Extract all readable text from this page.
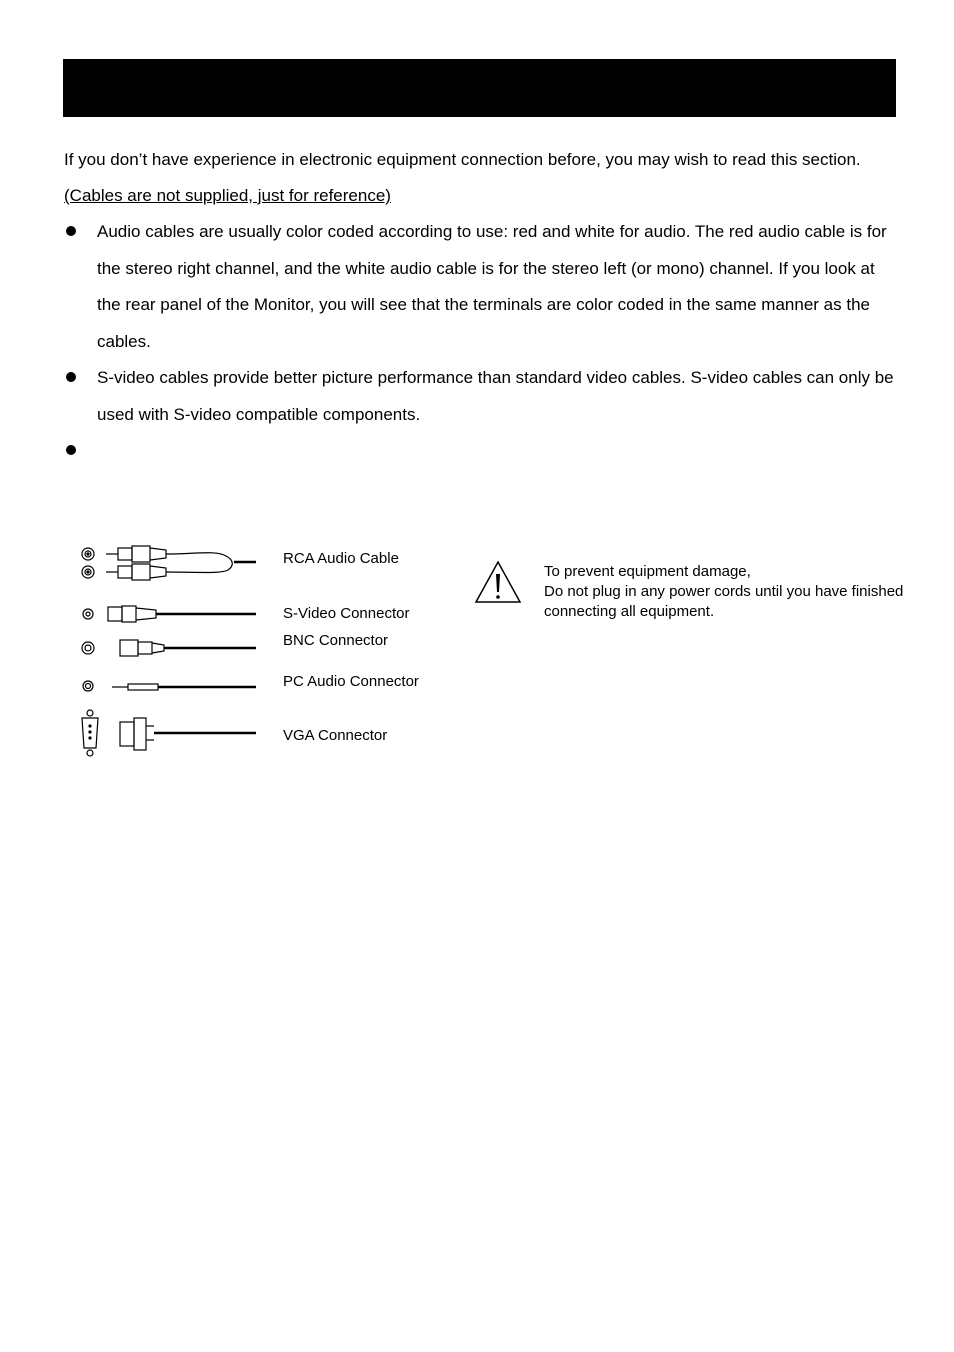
If you don’t have experience in electronic equipment connection before, you may wish to read this section. (Cables are not supplied, just for reference)

Audio cables are usually color coded according to use: red and white for audio. The red audio cable is for the stereo right channel, and the white audio cable is for the stereo left (or mono) channel. If you look at the rear panel of the Monitor, you will see that the terminals are color coded in the same manner as the cables.
S-video cables provide better picture performance than standard video cables. S-video cables can only be used with S-video compatible components.
RCA Audio Cable
S-Video Connector
BNC Connector
PC Audio Connector
VGA Connector
To prevent equipment damage,
Do not plug in any power cords until you have finished connecting all equipment.
